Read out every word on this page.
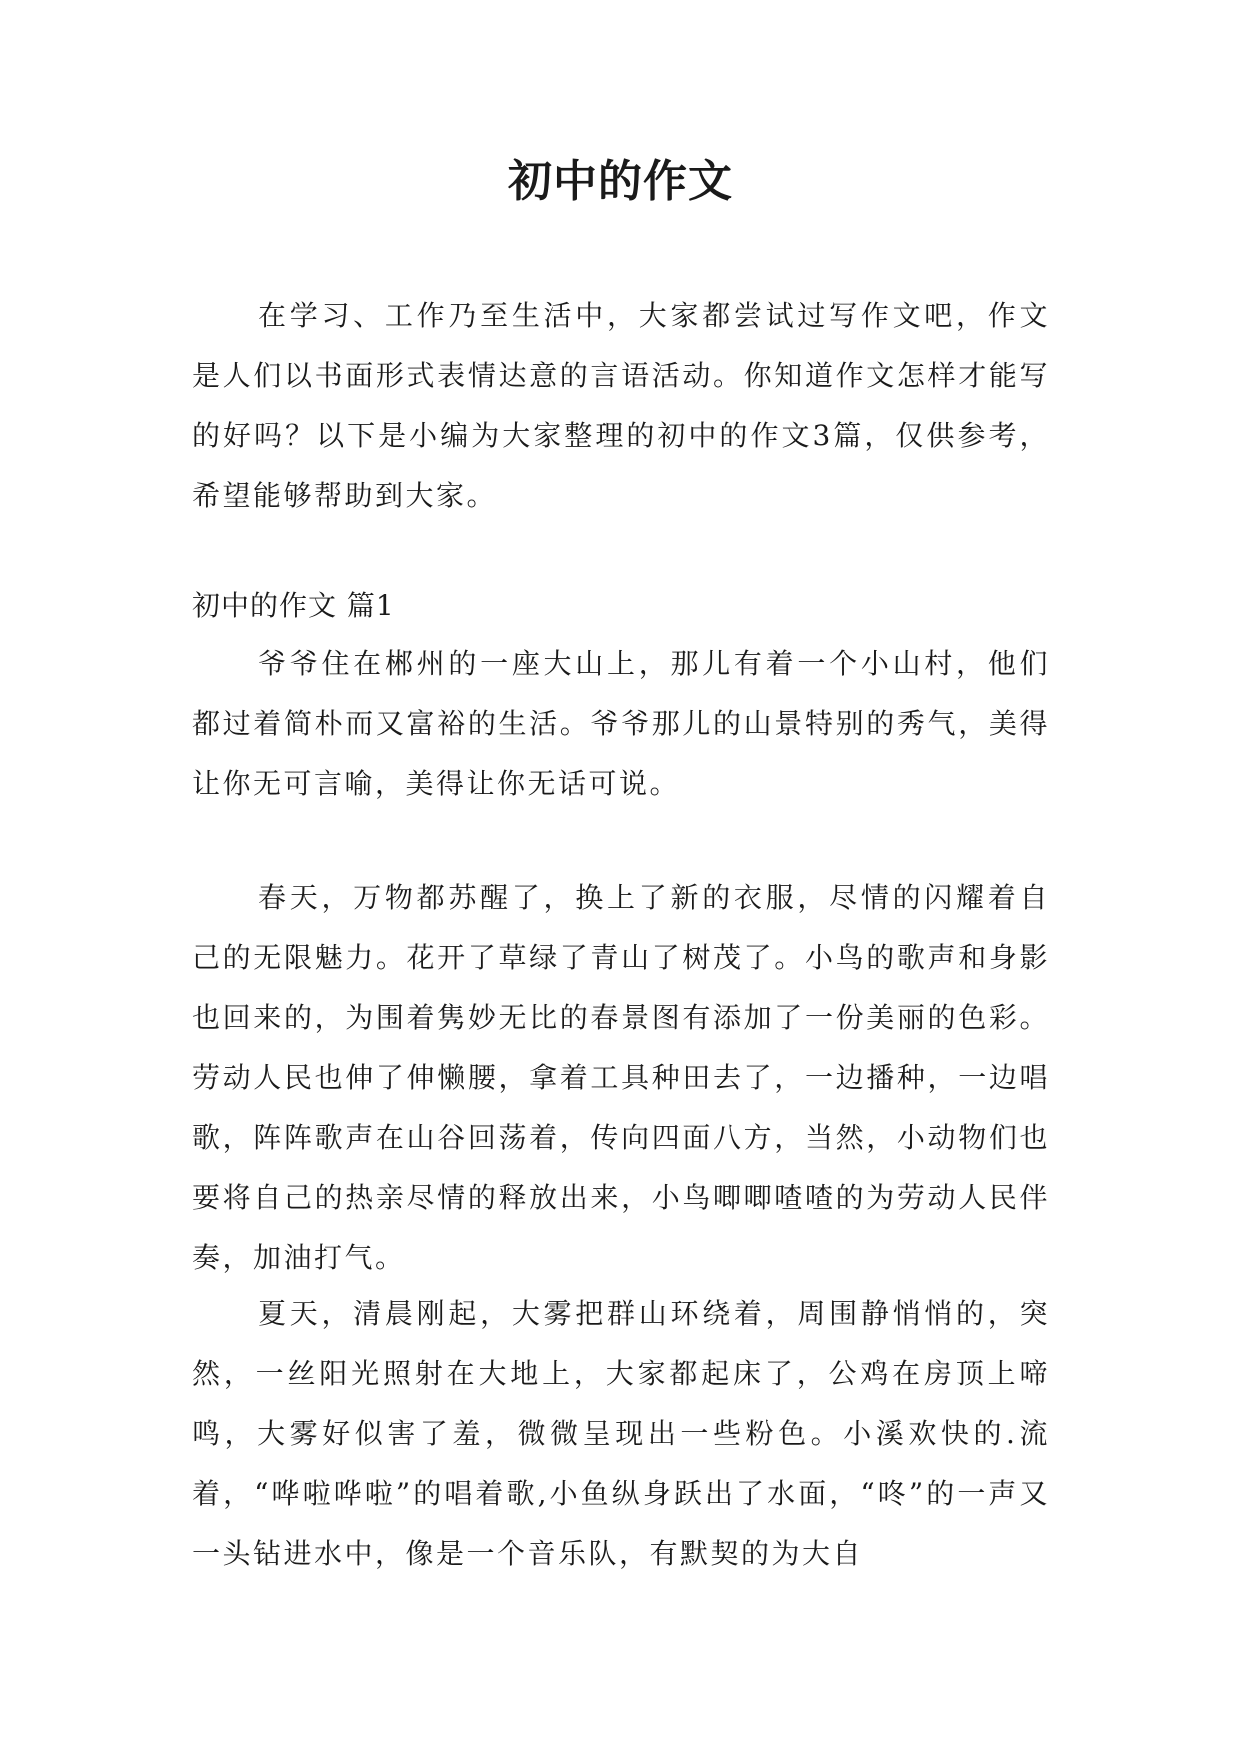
初中的作文

在学习、工作乃至生活中，大家都尝试过写作文吧，作文是人们以书面形式表情达意的言语活动。你知道作文怎样才能写的好吗？以下是小编为大家整理的初中的作文3篇，仅供参考，希望能够帮助到大家。

初中的作文 篇1

爷爷住在郴州的一座大山上，那儿有着一个小山村，他们都过着简朴而又富裕的生活。爷爷那儿的山景特别的秀气，美得让你无可言喻，美得让你无话可说。

春天，万物都苏醒了，换上了新的衣服，尽情的闪耀着自己的无限魅力。花开了草绿了青山了树茂了。小鸟的歌声和身影也回来的，为围着隽妙无比的春景图有添加了一份美丽的色彩。劳动人民也伸了伸懒腰，拿着工具种田去了，一边播种，一边唱歌，阵阵歌声在山谷回荡着，传向四面八方，当然，小动物们也要将自己的热亲尽情的释放出来，小鸟唧唧喳喳的为劳动人民伴奏，加油打气。

夏天，清晨刚起，大雾把群山环绕着，周围静悄悄的，突然，一丝阳光照射在大地上，大家都起床了，公鸡在房顶上啼鸣，大雾好似害了羞，微微呈现出一些粉色。小溪欢快的.流着，“哗啦哗啦”的唱着歌,小鱼纵身跃出了水面，“咚”的一声又一头钻进水中，像是一个音乐队，有默契的为大自
